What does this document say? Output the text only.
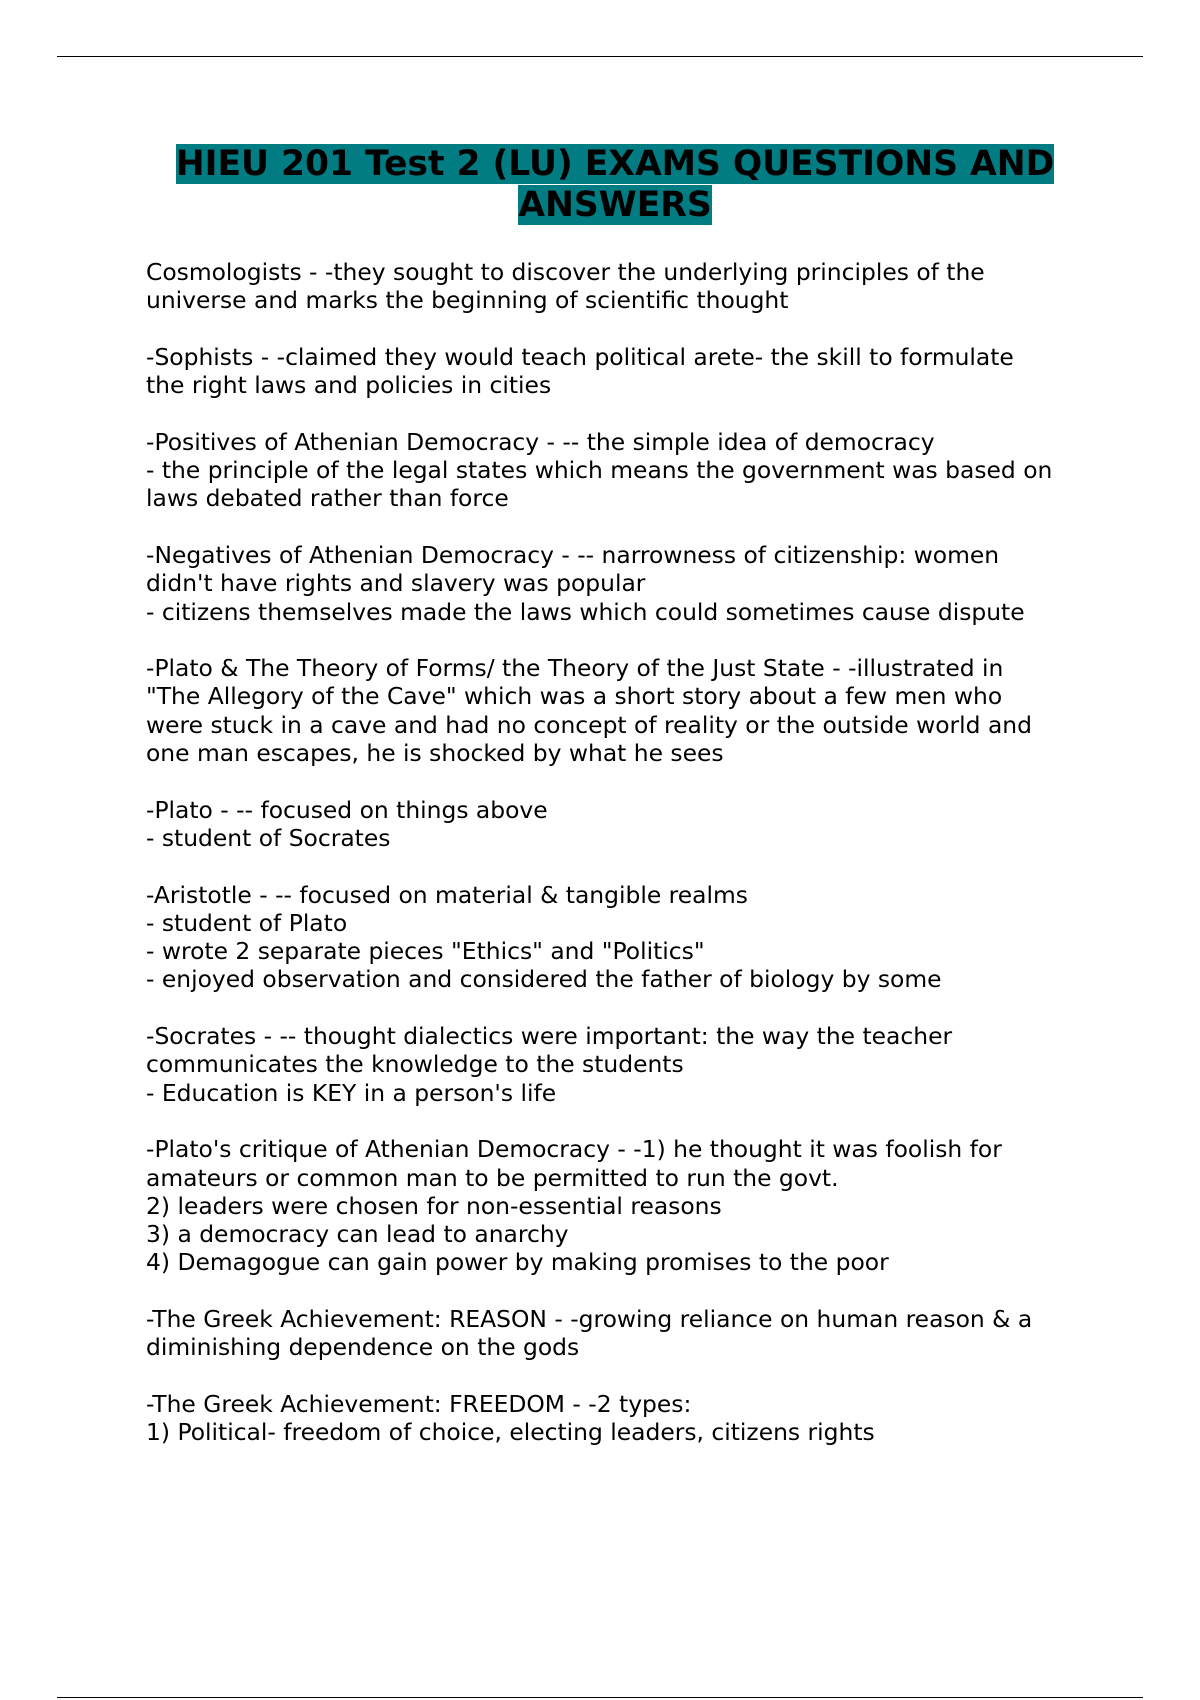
HIEU 201 Test 2 (LU) EXAMS QUESTIONS AND ANSWERS
Cosmologists - -they sought to discover the underlying principles of the
universe and marks the beginning of scientific thought
-Sophists - -claimed they would teach political arete- the skill to formulate
the right laws and policies in cities
-Positives of Athenian Democracy - -- the simple idea of democracy
- the principle of the legal states which means the government was based on
laws debated rather than force
-Negatives of Athenian Democracy - -- narrowness of citizenship: women
didn't have rights and slavery was popular
- citizens themselves made the laws which could sometimes cause dispute
-Plato & The Theory of Forms/ the Theory of the Just State - -illustrated in
"The Allegory of the Cave" which was a short story about a few men who
were stuck in a cave and had no concept of reality or the outside world and
one man escapes, he is shocked by what he sees
-Plato - -- focused on things above
- student of Socrates
-Aristotle - -- focused on material & tangible realms
- student of Plato
- wrote 2 separate pieces "Ethics" and "Politics"
- enjoyed observation and considered the father of biology by some
-Socrates - -- thought dialectics were important: the way the teacher
communicates the knowledge to the students
- Education is KEY in a person's life
-Plato's critique of Athenian Democracy - -1) he thought it was foolish for
amateurs or common man to be permitted to run the govt.
2) leaders were chosen for non-essential reasons
3) a democracy can lead to anarchy
4) Demagogue can gain power by making promises to the poor
-The Greek Achievement: REASON - -growing reliance on human reason & a
diminishing dependence on the gods
-The Greek Achievement: FREEDOM - -2 types:
1) Political- freedom of choice, electing leaders, citizens rights
